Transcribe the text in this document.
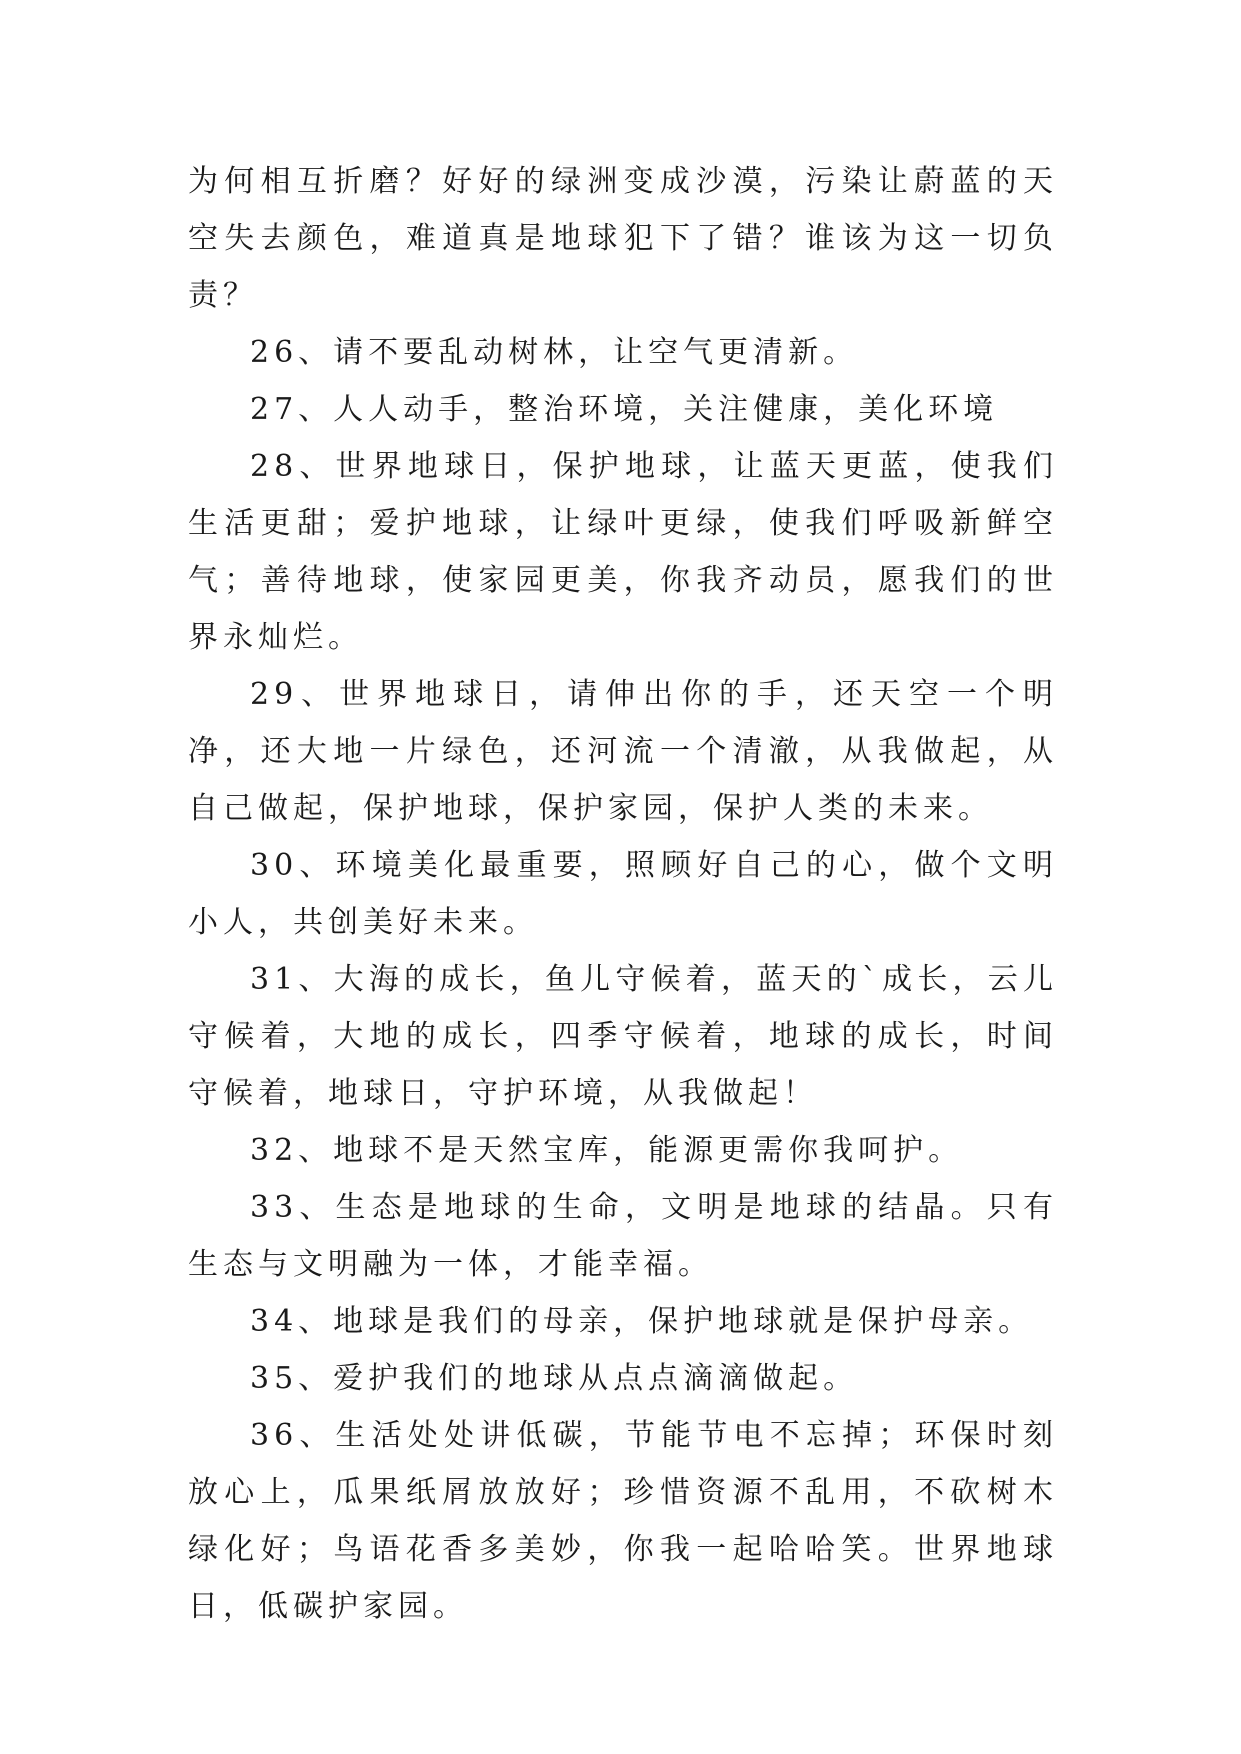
为何相互折磨？好好的绿洲变成沙漠，污染让蔚蓝的天空失去颜色，难道真是地球犯下了错？谁该为这一切负责？

26、请不要乱动树林，让空气更清新。

27、人人动手，整治环境，关注健康，美化环境

28、世界地球日，保护地球，让蓝天更蓝，使我们生活更甜；爱护地球，让绿叶更绿，使我们呼吸新鲜空气；善待地球，使家园更美，你我齐动员，愿我们的世界永灿烂。

29、世界地球日，请伸出你的手，还天空一个明净，还大地一片绿色，还河流一个清澈，从我做起，从自己做起，保护地球，保护家园，保护人类的未来。

30、环境美化最重要，照顾好自己的心，做个文明小人，共创美好未来。

31、大海的成长，鱼儿守候着，蓝天的`成长，云儿守候着，大地的成长，四季守候着，地球的成长，时间守候着，地球日，守护环境，从我做起！

32、地球不是天然宝库，能源更需你我呵护。

33、生态是地球的生命，文明是地球的结晶。只有生态与文明融为一体，才能幸福。

34、地球是我们的母亲，保护地球就是保护母亲。

35、爱护我们的地球从点点滴滴做起。

36、生活处处讲低碳，节能节电不忘掉；环保时刻放心上，瓜果纸屑放放好；珍惜资源不乱用，不砍树木绿化好；鸟语花香多美妙，你我一起哈哈笑。世界地球日，低碳护家园。
